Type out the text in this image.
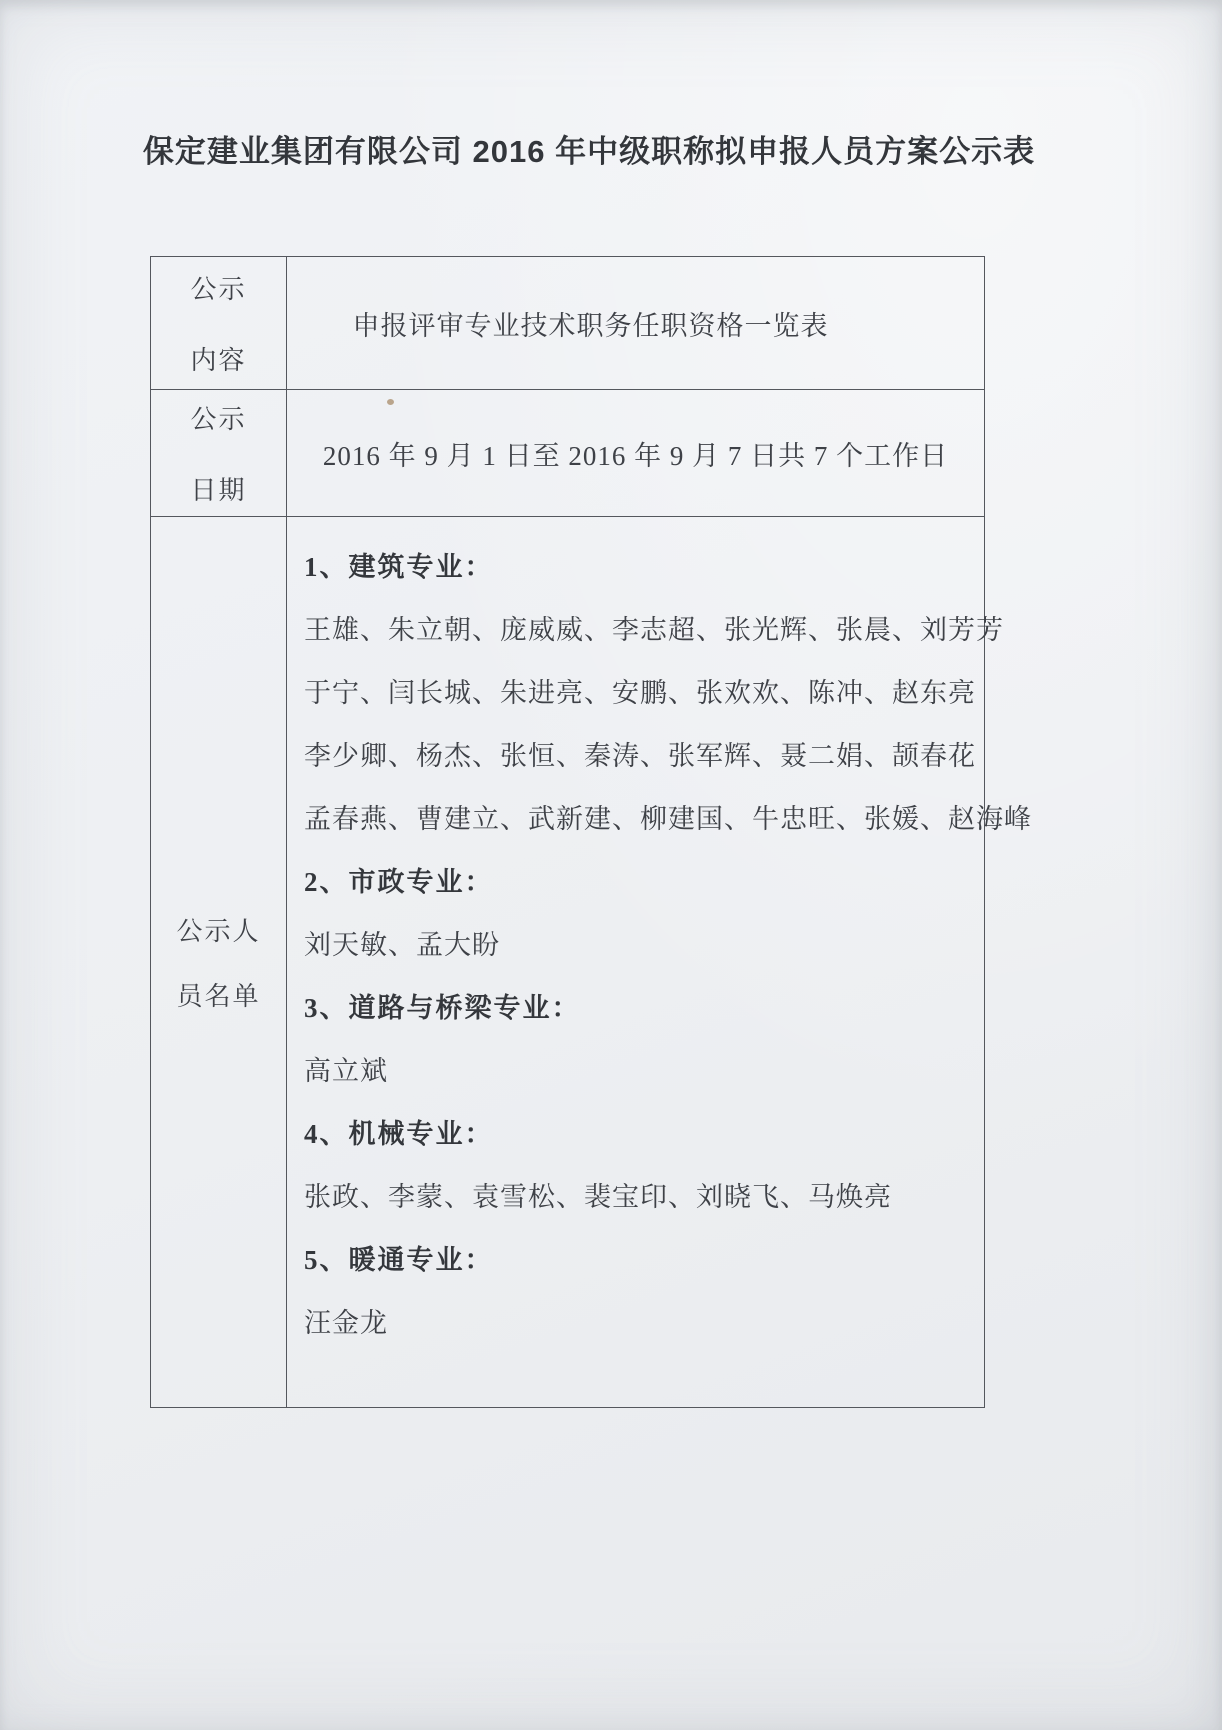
保定建业集团有限公司 2016 年中级职称拟申报人员方案公示表
公示
内容
申报评审专业技术职务任职资格一览表
公示
日期
2016 年 9 月 1 日至 2016 年 9 月 7 日共 7 个工作日
公示人
员名单
1、建筑专业：
王雄、朱立朝、庞威威、李志超、张光辉、张晨、刘芳芳
于宁、闫长城、朱进亮、安鹏、张欢欢、陈冲、赵东亮
李少卿、杨杰、张恒、秦涛、张军辉、聂二娟、颉春花
孟春燕、曹建立、武新建、柳建国、牛忠旺、张媛、赵海峰
2、市政专业：
刘天敏、孟大盼
3、道路与桥梁专业：
高立斌
4、机械专业：
张政、李蒙、袁雪松、裴宝印、刘晓飞、马焕亮
5、暖通专业：
汪金龙
